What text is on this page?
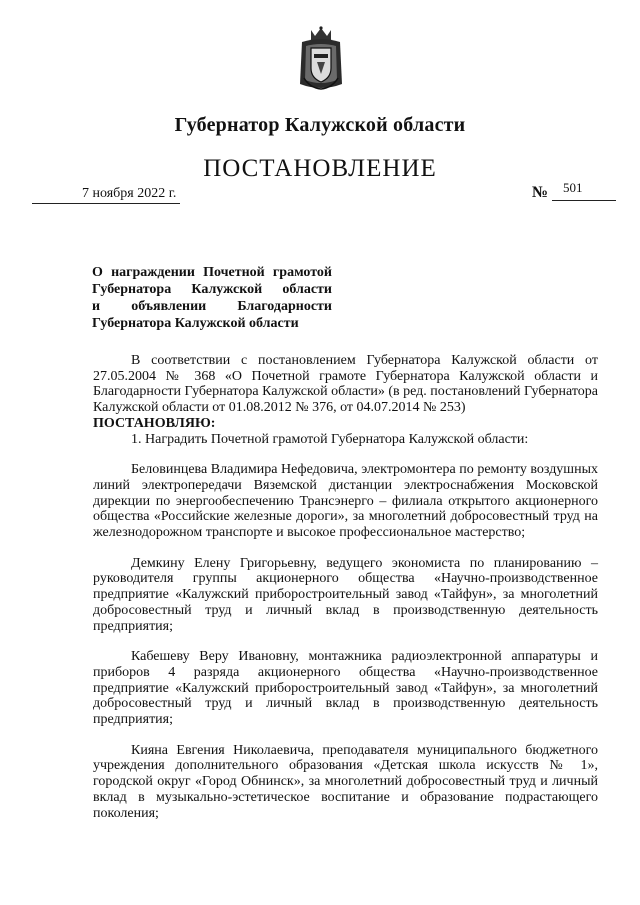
Губернатор Калужской области
ПОСТАНОВЛЕНИЕ
7 ноября 2022 г.	№ 501
О награждении Почетной грамотой
Губернатора Калужской области
и объявлении Благодарности
Губернатора Калужской области

В соответствии с постановлением Губернатора Калужской области от 27.05.2004 № 368 «О Почетной грамоте Губернатора Калужской области и Благодарности Губернатора Калужской области» (в ред. постановлений Губернатора Калужской области от 01.08.2012 № 376, от 04.07.2014 № 253)

ПОСТАНОВЛЯЮ:

1. Наградить Почетной грамотой Губернатора Калужской области:

Беловинцева Владимира Нефедовича, электромонтера по ремонту воздушных линий электропередачи Вяземской дистанции электроснабжения Московской дирекции по энергообеспечению Трансэнерго – филиала открытого акционерного общества «Российские железные дороги», за многолетний добросовестный труд на железнодорожном транспорте и высокое профессиональное мастерство;

Демкину Елену Григорьевну, ведущего экономиста по планированию – руководителя группы акционерного общества «Научно-производственное предприятие «Калужский приборостроительный завод «Тайфун», за многолетний добросовестный труд и личный вклад в производственную деятельность предприятия;

Кабешеву Веру Ивановну, монтажника радиоэлектронной аппаратуры и приборов 4 разряда акционерного общества «Научно-производственное предприятие «Калужский приборостроительный завод «Тайфун», за многолетний добросовестный труд и личный вклад в производственную деятельность предприятия;

Кияна Евгения Николаевича, преподавателя муниципального бюджетного учреждения дополнительного образования «Детская школа искусств № 1», городской округ «Город Обнинск», за многолетний добросовестный труд и личный вклад в музыкально-эстетическое воспитание и образование подрастающего поколения;
